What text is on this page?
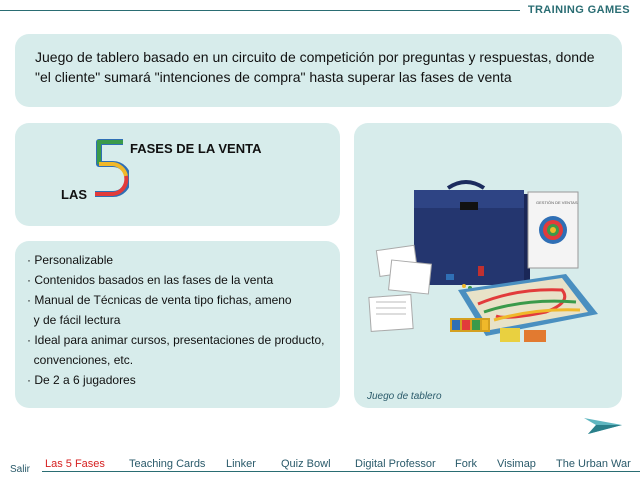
TRAINING GAMES

Juego de tablero basado en un circuito de competición por preguntas y respuestas, donde "el cliente" sumará "intenciones de compra" hasta superar las fases de venta

LAS
FASES DE LA VENTA
· Personalizable
· Contenidos basados en las fases de la venta
· Manual de Técnicas de venta tipo fichas, ameno
y de fácil lectura
· Ideal para animar cursos, presentaciones de producto,
convenciones, etc.
· De 2 a 6 jugadores
GESTIÓN DE VENTAS
Juego de tablero
Salir Las 5 Fases Teaching Cards Linker Quiz Bowl Digital Professor Fork Visimap The Urban War
